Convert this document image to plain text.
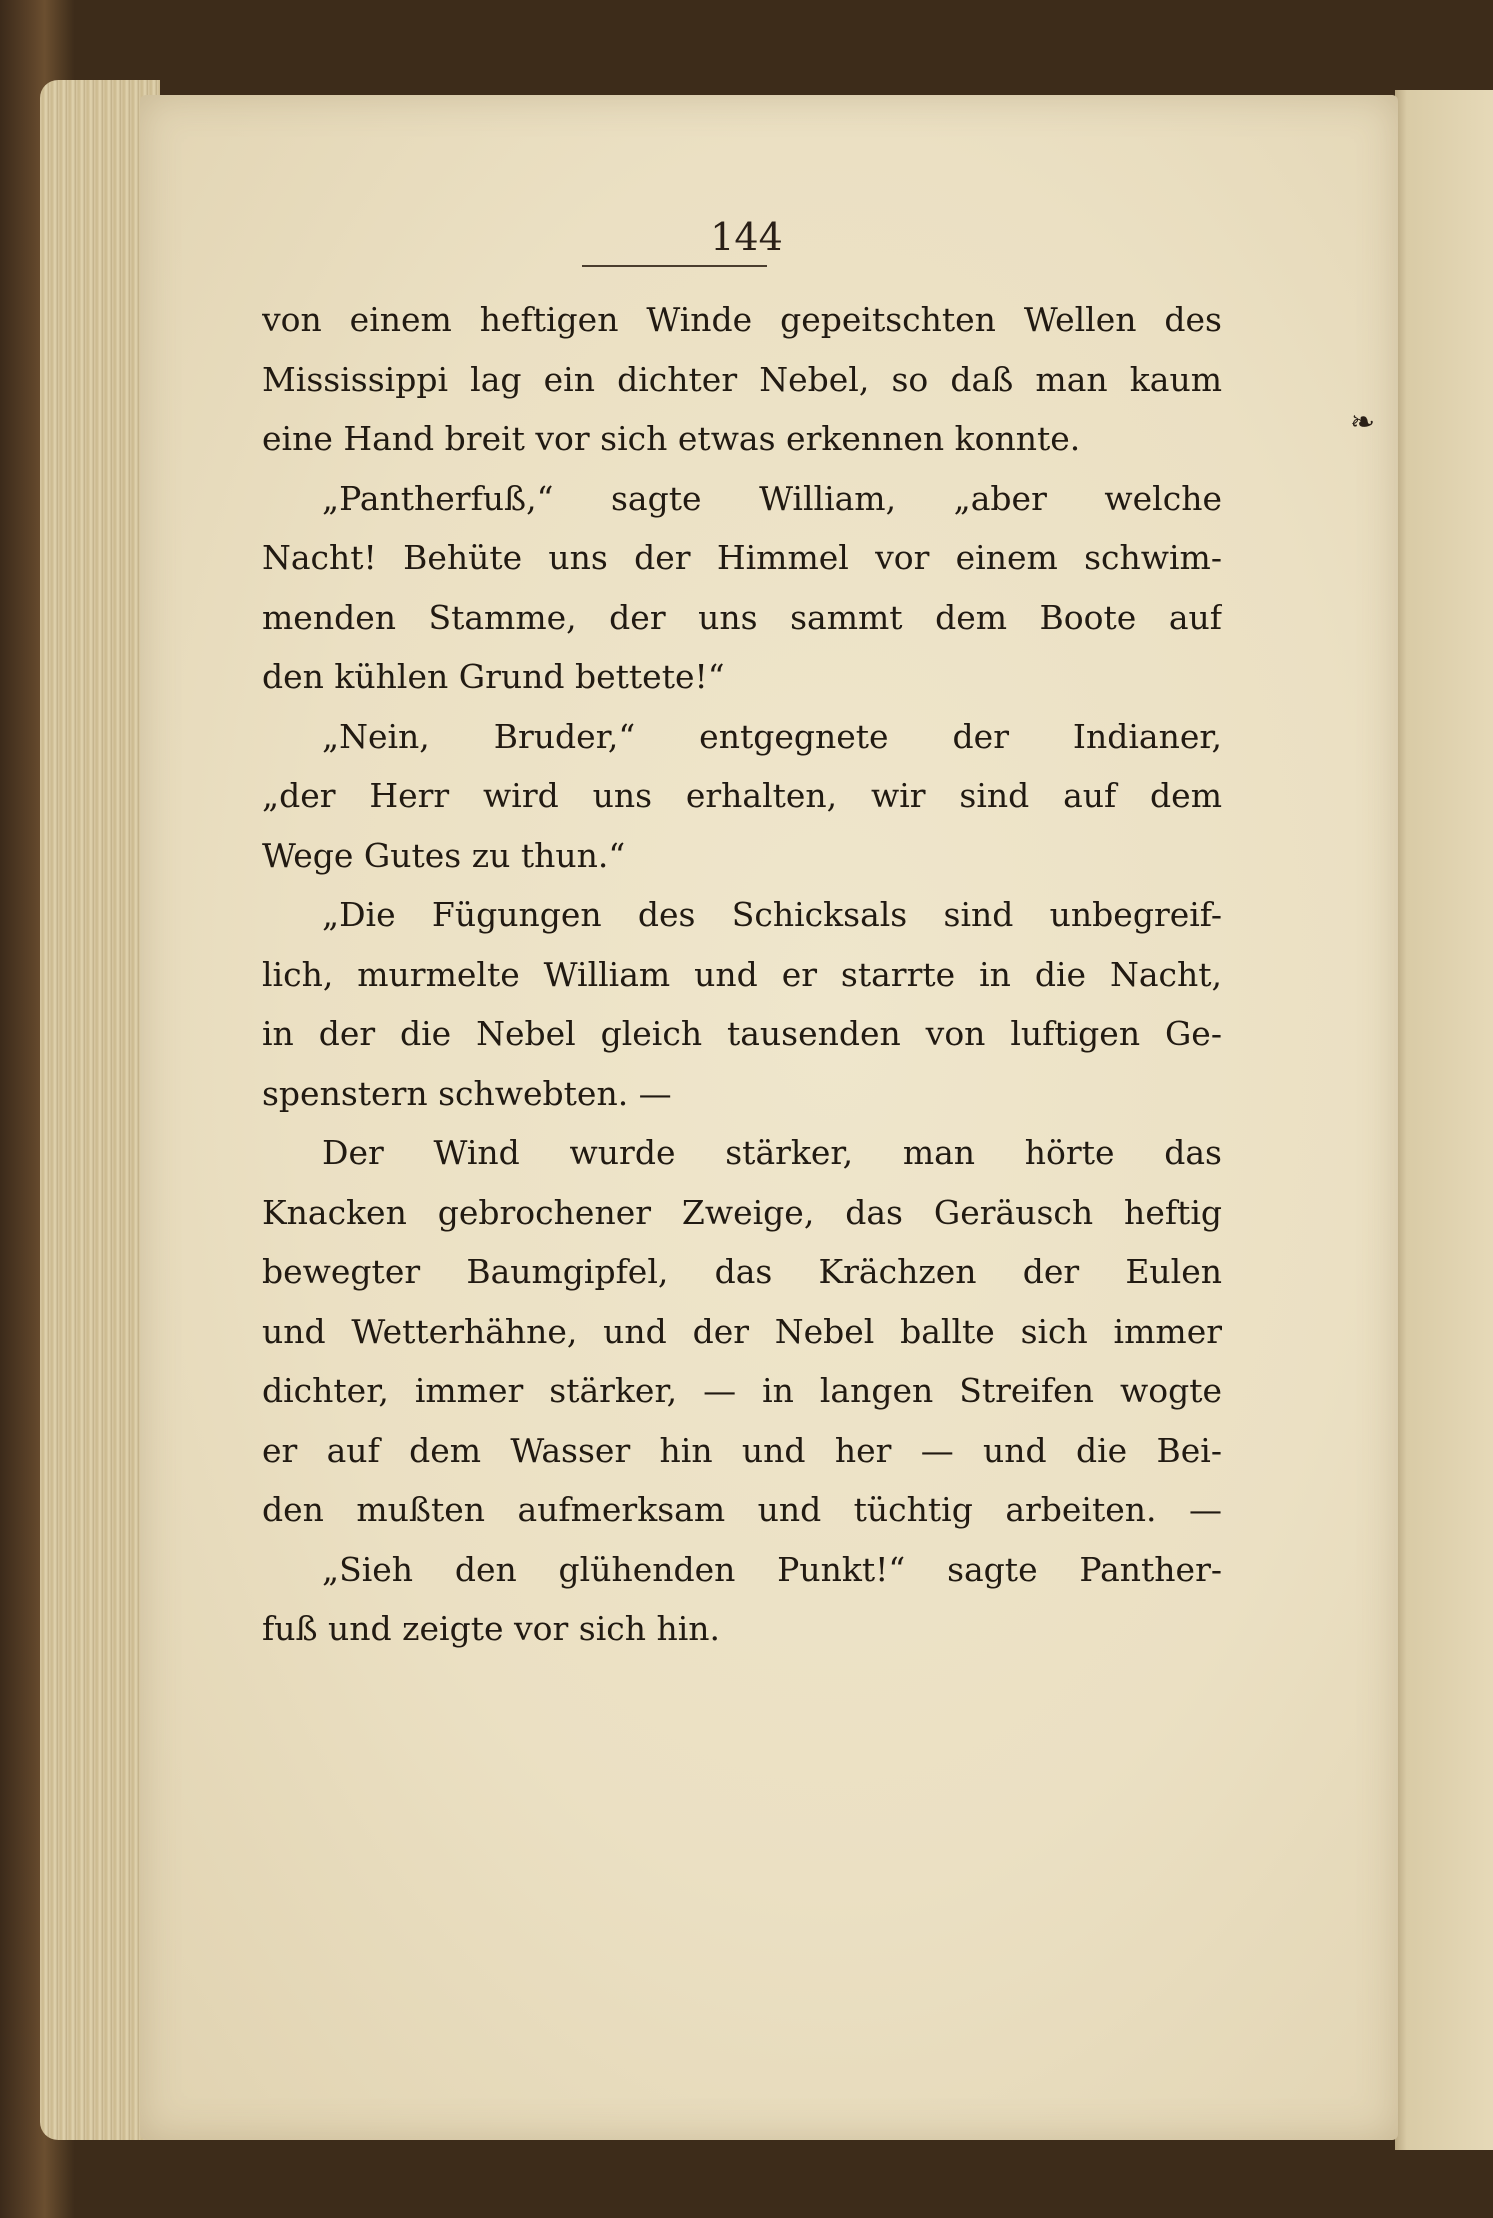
144
❧
von einem heftigen Winde gepeitschten Wellen des
Mississippi lag ein dichter Nebel, so daß man kaum
eine Hand breit vor sich etwas erkennen konnte.
„Pantherfuß,“ sagte William, „aber welche
Nacht! Behüte uns der Himmel vor einem schwim-
menden Stamme, der uns sammt dem Boote auf
den kühlen Grund bettete!“
„Nein, Bruder,“ entgegnete der Indianer,
„der Herr wird uns erhalten, wir sind auf dem
Wege Gutes zu thun.“
„Die Fügungen des Schicksals sind unbegreif-
lich, murmelte William und er starrte in die Nacht,
in der die Nebel gleich tausenden von luftigen Ge-
spenstern schwebten. —
Der Wind wurde stärker, man hörte das
Knacken gebrochener Zweige, das Geräusch heftig
bewegter Baumgipfel, das Krächzen der Eulen
und Wetterhähne, und der Nebel ballte sich immer
dichter, immer stärker, — in langen Streifen wogte
er auf dem Wasser hin und her — und die Bei-
den mußten aufmerksam und tüchtig arbeiten. —
„Sieh den glühenden Punkt!“ sagte Panther-
fuß und zeigte vor sich hin.
